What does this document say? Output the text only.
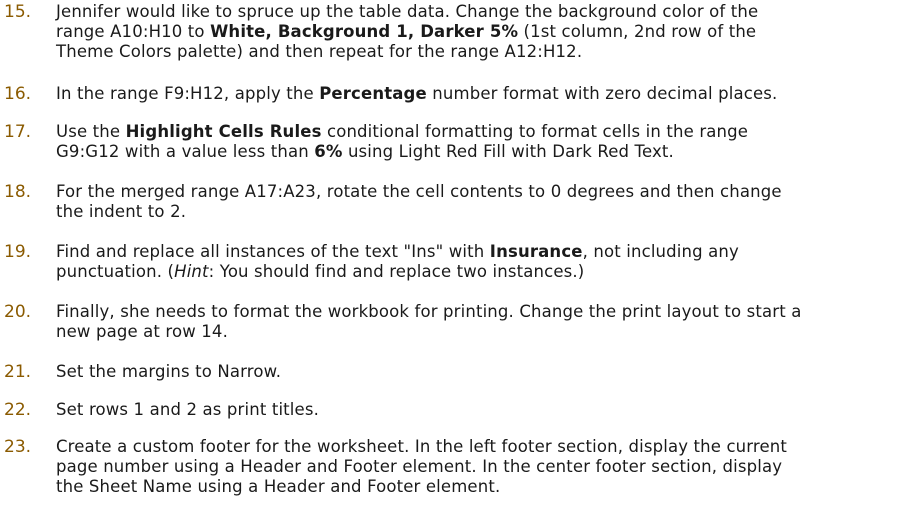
15. Jennifer would like to spruce up the table data. Change the background color of the
range A10:H10 to White, Background 1, Darker 5% (1st column, 2nd row of the
Theme Colors palette) and then repeat for the range A12:H12.
16. In the range F9:H12, apply the Percentage number format with zero decimal places.
17. Use the Highlight Cells Rules conditional formatting to format cells in the range
G9:G12 with a value less than 6% using Light Red Fill with Dark Red Text.
18. For the merged range A17:A23, rotate the cell contents to 0 degrees and then change
the indent to 2.
19. Find and replace all instances of the text "Ins" with Insurance, not including any
punctuation. (Hint: You should find and replace two instances.)
20. Finally, she needs to format the workbook for printing. Change the print layout to start a
new page at row 14.
21. Set the margins to Narrow.
22. Set rows 1 and 2 as print titles.
23. Create a custom footer for the worksheet. In the left footer section, display the current
page number using a Header and Footer element. In the center footer section, display
the Sheet Name using a Header and Footer element.
